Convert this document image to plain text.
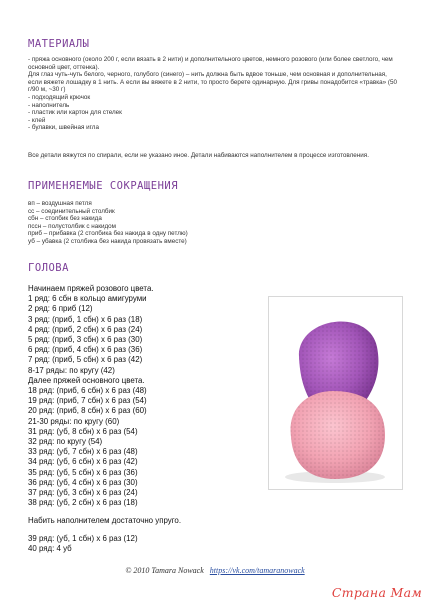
МАТЕРИАЛЫ

- пряжа основного (около 200 г, если вязать в 2 нити) и дополнительного цветов, немного розового (или более светлого, чем основной цвет, оттенка).

Для глаз чуть-чуть белого, черного, голубого (синего) – нить должна быть вдвое тоньше, чем основная и дополнительная, если вяжете лошадку в 1 нить. А если вы вяжете в 2 нити, то просто берете одинарную. Для гривы понадобится «травка» (50 г/90 м, ~30 г)

- подходящий крючок

- наполнитель

- пластик или картон для стелек

- клей

- булавки, швейная игла

Все детали вяжутся по спирали, если не указано иное. Детали набиваются наполнителем в процессе изготовления.

ПРИМЕНЯЕМЫЕ СОКРАЩЕНИЯ

вп – воздушная петля

сс – соединительный столбик

сбн – столбик без накида

пссн – полустолбик с накидом

приб – прибавка (2 столбика без накида в одну петлю)

уб – убавка (2 столбика без накида провязать вместе)

ГОЛОВА

Начинаем пряжей розового цвета.

1 ряд: 6 сбн в кольцо амигуруми

2 ряд: 6 приб (12)

3 ряд: (приб, 1 сбн) х 6 раз (18)

4 ряд: (приб, 2 сбн) х 6 раз (24)

5 ряд: (приб, 3 сбн) х 6 раз (30)

6 ряд: (приб, 4 сбн) х 6 раз (36)

7 ряд: (приб, 5 сбн) х 6 раз (42)

8-17 ряды: по кругу (42)

Далее пряжей основного цвета.

18 ряд: (приб, 6 сбн) х 6 раз (48)

19 ряд: (приб, 7 сбн) х 6 раз (54)

20 ряд: (приб, 8 сбн) х 6 раз (60)

21-30 ряды: по кругу (60)

31 ряд: (уб, 8 сбн) х 6 раз (54)

32 ряд: по кругу (54)

33 ряд: (уб, 7 сбн) х 6 раз (48)

34 ряд: (уб, 6 сбн) х 6 раз (42)

35 ряд: (уб, 5 сбн) х 6 раз (36)

36 ряд: (уб, 4 сбн) х 6 раз (30)

37 ряд: (уб, 3 сбн) х 6 раз (24)

38 ряд: (уб, 2 сбн) х 6 раз (18)

Набить наполнителем достаточно упруго.

39 ряд: (уб, 1 сбн) х 6 раз (12)

40 ряд: 4 уб

© 2010 Tamara Nowack https://vk.com/tamaranowack
Страна Мам
